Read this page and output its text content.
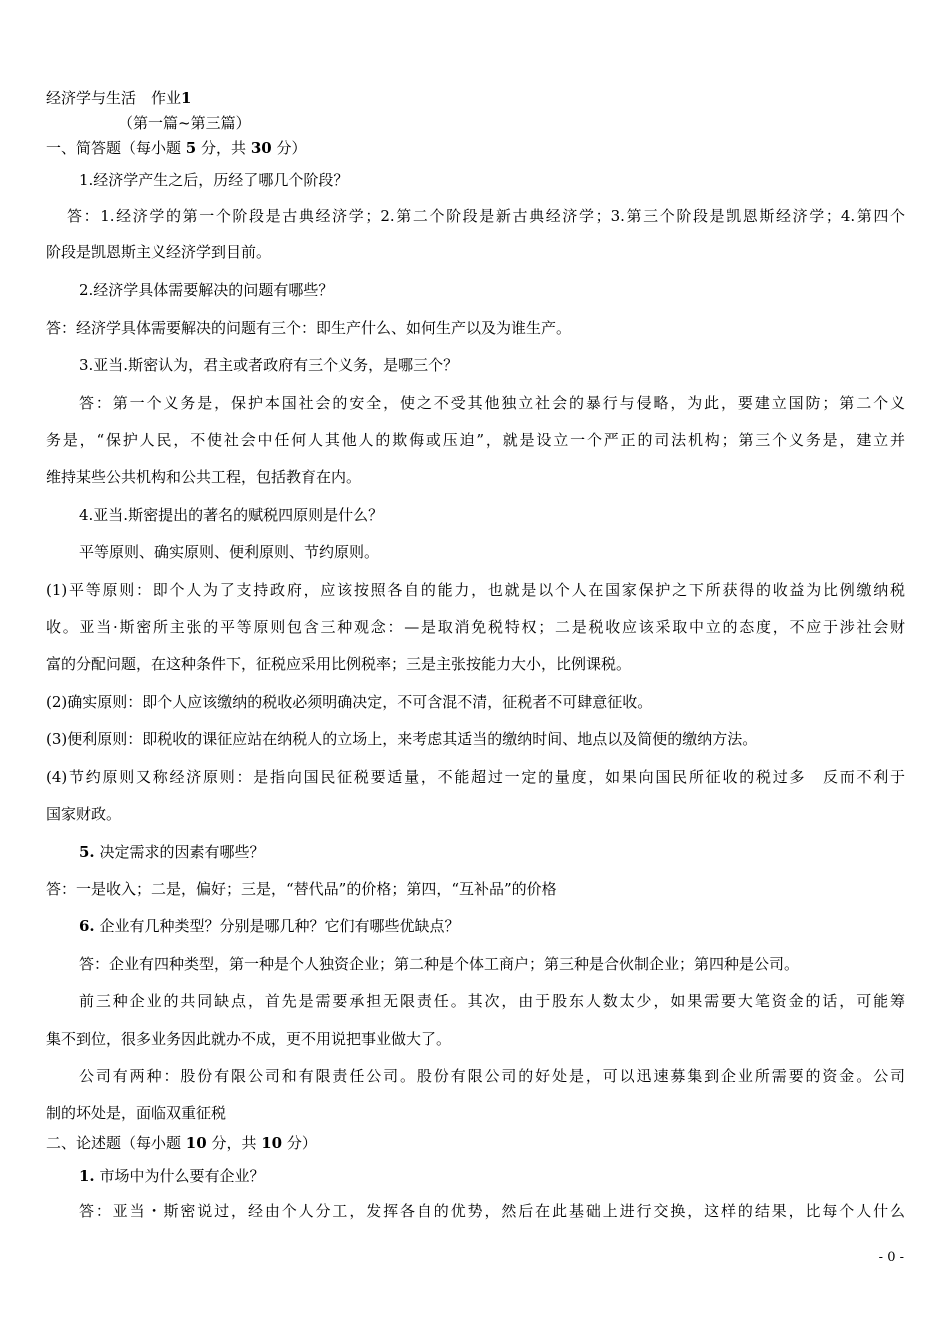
经济学与生活　作业1
（第一篇~第三篇）
一、简答题（每小题 5 分，共 30 分）
1.经济学产生之后，历经了哪几个阶段？
答：1.经济学的第一个阶段是古典经济学；2.第二个阶段是新古典经济学；3.第三个阶段是凯恩斯经济学；4.第四个
阶段是凯恩斯主义经济学到目前。
2.经济学具体需要解决的问题有哪些？
答：经济学具体需要解决的问题有三个：即生产什么、如何生产以及为谁生产。
3.亚当.斯密认为，君主或者政府有三个义务，是哪三个？
答：第一个义务是，保护本国社会的安全，使之不受其他独立社会的暴行与侵略，为此，要建立国防；第二个义
务是，“保护人民，不使社会中任何人其他人的欺侮或压迫”，就是设立一个严正的司法机构；第三个义务是，建立并
维持某些公共机构和公共工程，包括教育在内。
4.亚当.斯密提出的著名的赋税四原则是什么？
平等原则、确实原则、便利原则、节约原则。
(1)平等原则：即个人为了支持政府，应该按照各自的能力，也就是以个人在国家保护之下所获得的收益为比例缴纳税
收。亚当·斯密所主张的平等原则包含三种观念：—是取消免税特权；二是税收应该采取中立的态度，不应于涉社会财
富的分配问题，在这种条件下，征税应采用比例税率；三是主张按能力大小，比例课税。
(2)确实原则：即个人应该缴纳的税收必须明确决定，不可含混不清，征税者不可肆意征收。
(3)便利原则：即税收的课征应站在纳税人的立场上，来考虑其适当的缴纳时间、地点以及简便的缴纳方法。
(4)节约原则又称经济原则：是指向国民征税要适量，不能超过一定的量度，如果向国民所征收的税过多　反而不利于
国家财政。
5. 决定需求的因素有哪些？
答：一是收入；二是，偏好；三是，“替代品”的价格；第四，“互补品”的价格
6. 企业有几种类型？分别是哪几种？它们有哪些优缺点？
答：企业有四种类型，第一种是个人独资企业；第二种是个体工商户；第三种是合伙制企业；第四种是公司。
前三种企业的共同缺点，首先是需要承担无限责任。其次，由于股东人数太少，如果需要大笔资金的话，可能筹
集不到位，很多业务因此就办不成，更不用说把事业做大了。
公司有两种：股份有限公司和有限责任公司。股份有限公司的好处是，可以迅速募集到企业所需要的资金。公司
制的坏处是，面临双重征税
二、论述题（每小题 10 分，共 10 分）
1. 市场中为什么要有企业？
答：亚当・斯密说过，经由个人分工，发挥各自的优势，然后在此基础上进行交换，这样的结果，比每个人什么
- 0 -
